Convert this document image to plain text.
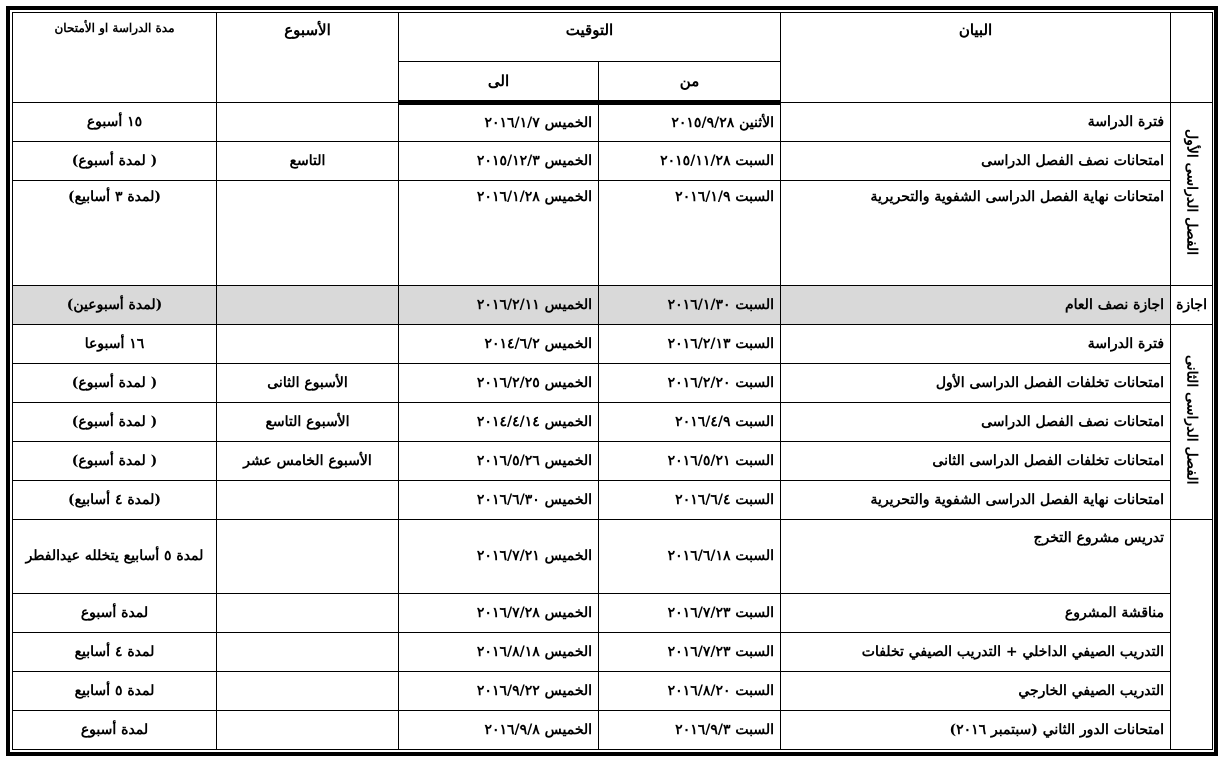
	البيان	التوقيت		الأسبوع	مدة الدراسة او الأمتحان
		من	الى		
الفصل الدراسى الأول	فترة الدراسة	الأثنين ٢٠١٥/٩/٢٨	الخميس ٢٠١٦/١/٧		١٥ أسبوع
	امتحانات نصف الفصل الدراسى	السبت ٢٠١٥/١١/٢٨	الخميس ٢٠١٥/١٢/٣	التاسع	( لمدة أسبوع)
	امتحانات نهاية الفصل الدراسى الشفوية والتحريرية	السبت ٢٠١٦/١/٩	الخميس ٢٠١٦/١/٢٨		(لمدة ٣ أسابيع)
اجازة	اجازة نصف العام	السبت ٢٠١٦/١/٣٠	الخميس ٢٠١٦/٢/١١		(لمدة أسبوعين)
الفصل الدراسى الثانى	فترة الدراسة	السبت ٢٠١٦/٢/١٣	الخميس ٢٠١٤/٦/٢		١٦ أسبوعا
	امتحانات تخلفات الفصل الدراسى الأول	السبت ٢٠١٦/٢/٢٠	الخميس ٢٠١٦/٢/٢٥	الأسبوع الثانى	( لمدة أسبوع)
	امتحانات نصف الفصل الدراسى	السبت ٢٠١٦/٤/٩	الخميس ٢٠١٤/٤/١٤	الأسبوع التاسع	( لمدة أسبوع)
	امتحانات تخلفات الفصل الدراسى الثانى	السبت ٢٠١٦/٥/٢١	الخميس ٢٠١٦/٥/٢٦	الأسبوع الخامس عشر	( لمدة أسبوع)
	امتحانات نهاية الفصل الدراسى الشفوية والتحريرية	السبت ٢٠١٦/٦/٤	الخميس ٢٠١٦/٦/٣٠		(لمدة ٤ أسابيع)
	تدريس مشروع التخرج	السبت ٢٠١٦/٦/١٨	الخميس ٢٠١٦/٧/٢١		لمدة ٥ أسابيع يتخلله عيدالفطر
	مناقشة المشروع	السبت ٢٠١٦/٧/٢٣	الخميس ٢٠١٦/٧/٢٨		لمدة أسبوع
	التدريب الصيفي الداخلي + التدريب الصيفي تخلفات	السبت ٢٠١٦/٧/٢٣	الخميس ٢٠١٦/٨/١٨		لمدة ٤ أسابيع
	التدريب الصيفي الخارجي	السبت ٢٠١٦/٨/٢٠	الخميس ٢٠١٦/٩/٢٢		لمدة ٥ أسابيع
	امتحانات الدور الثاني (سبتمبر ٢٠١٦)	السبت ٢٠١٦/٩/٣	الخميس ٢٠١٦/٩/٨		لمدة أسبوع
